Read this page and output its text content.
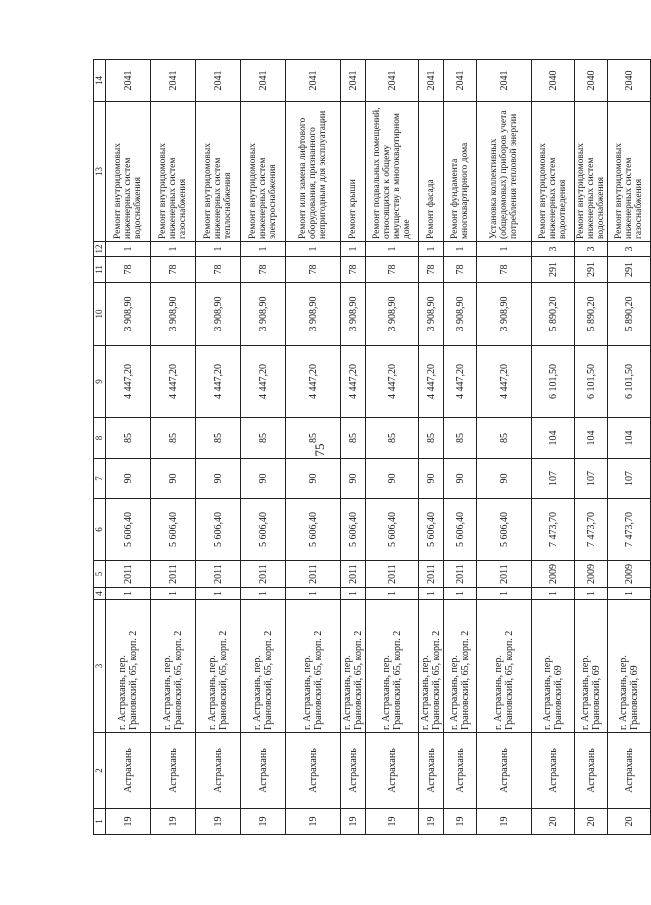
75
1	2	3	4	5	6	7	8	9	10	11	12	13	14
19	Астрахань	г. Астрахань, пер. Грановский, 65, корп. 2	1	2011	5 606,40	90	85	4 447,20	3 908,90	78	1	Ремонт внутридомовых инженерных систем водоснабжения	2041
19	Астрахань	г. Астрахань, пер. Грановский, 65, корп. 2	1	2011	5 606,40	90	85	4 447,20	3 908,90	78	1	Ремонт внутридомовых инженерных систем газоснабжения	2041
19	Астрахань	г. Астрахань, пер. Грановский, 65, корп. 2	1	2011	5 606,40	90	85	4 447,20	3 908,90	78	1	Ремонт внутридомовых инженерных систем теплоснабжения	2041
19	Астрахань	г. Астрахань, пер. Грановский, 65, корп. 2	1	2011	5 606,40	90	85	4 447,20	3 908,90	78	1	Ремонт внутридомовых инженерных систем электроснабжения	2041
19	Астрахань	г. Астрахань, пер. Грановский, 65, корп. 2	1	2011	5 606,40	90	85	4 447,20	3 908,90	78	1	Ремонт или замена лифтового оборудования, признанного непригодным для эксплуатации	2041
19	Астрахань	г. Астрахань, пер. Грановский, 65, корп. 2	1	2011	5 606,40	90	85	4 447,20	3 908,90	78	1	Ремонт крыши	2041
19	Астрахань	г. Астрахань, пер. Грановский, 65, корп. 2	1	2011	5 606,40	90	85	4 447,20	3 908,90	78	1	Ремонт подвальных помещений, относящихся к общему имуществу в многоквартирном доме	2041
19	Астрахань	г. Астрахань, пер. Грановский, 65, корп. 2	1	2011	5 606,40	90	85	4 447,20	3 908,90	78	1	Ремонт фасада	2041
19	Астрахань	г. Астрахань, пер. Грановский, 65, корп. 2	1	2011	5 606,40	90	85	4 447,20	3 908,90	78	1	Ремонт фундамента многоквартирного дома	2041
19	Астрахань	г. Астрахань, пер. Грановский, 65, корп. 2	1	2011	5 606,40	90	85	4 447,20	3 908,90	78	1	Установка коллективных (общедомовых) приборов учета потребления тепловой энергии	2041
20	Астрахань	г. Астрахань, пер. Грановский, 69	1	2009	7 473,70	107	104	6 101,50	5 890,20	291	3	Ремонт внутридомовых инженерных систем водоотведения	2040
20	Астрахань	г. Астрахань, пер. Грановский, 69	1	2009	7 473,70	107	104	6 101,50	5 890,20	291	3	Ремонт внутридомовых инженерных систем водоснабжения	2040
20	Астрахань	г. Астрахань, пер. Грановский, 69	1	2009	7 473,70	107	104	6 101,50	5 890,20	291	3	Ремонт внутридомовых инженерных систем газоснабжения	2040
